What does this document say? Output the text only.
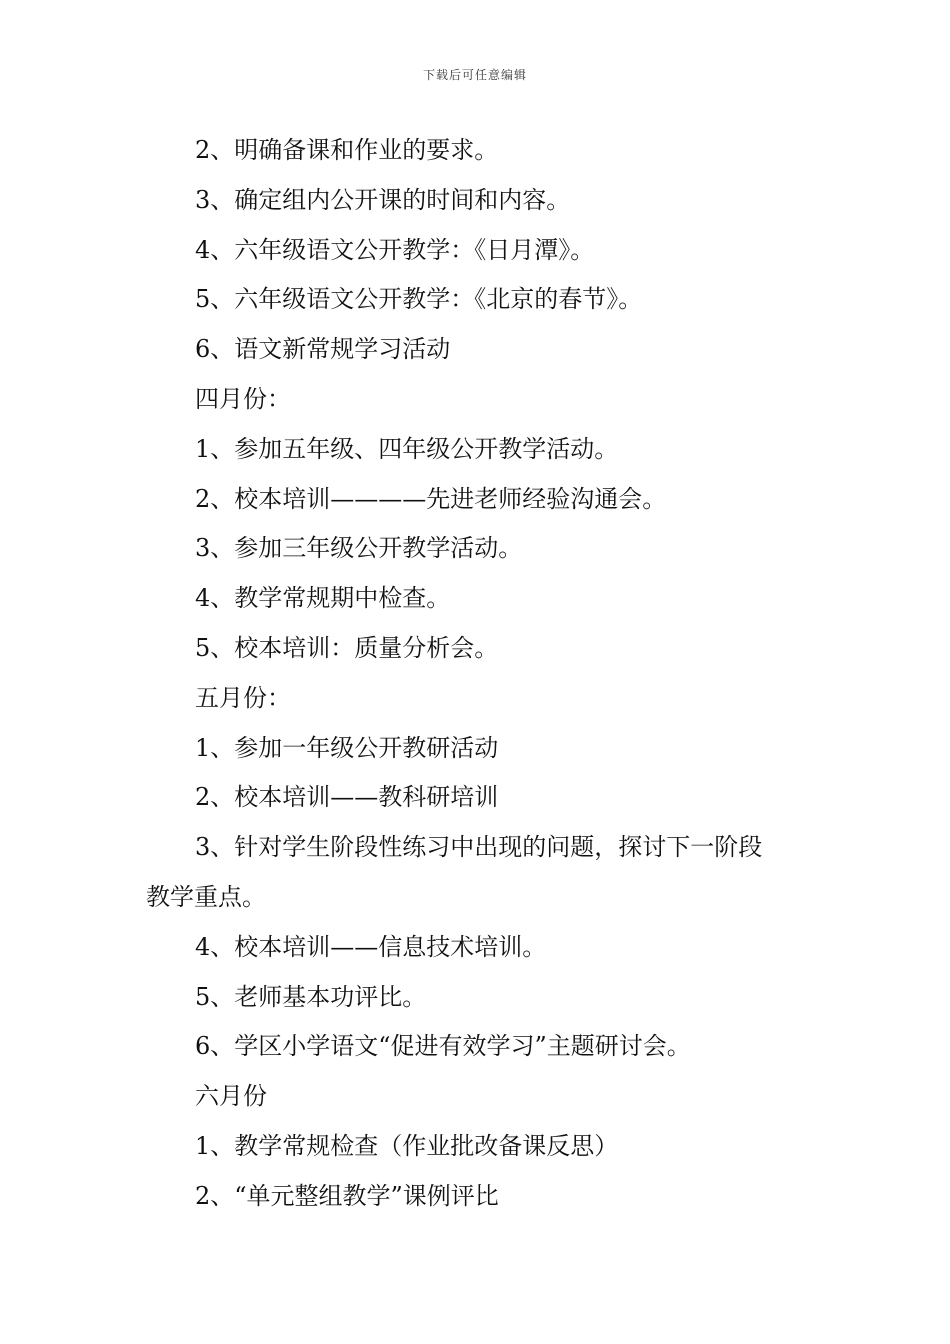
下载后可任意编辑
2、明确备课和作业的要求。
3、确定组内公开课的时间和内容。
4、六年级语文公开教学：《日月潭》。
5、六年级语文公开教学：《北京的春节》。
6、语文新常规学习活动
四月份：
1、参加五年级、四年级公开教学活动。
2、校本培训————先进老师经验沟通会。
3、参加三年级公开教学活动。
4、教学常规期中检查。
5、校本培训：质量分析会。
五月份：
1、参加一年级公开教研活动
2、校本培训——教科研培训
3、针对学生阶段性练习中出现的问题，探讨下一阶段
教学重点。
4、校本培训——信息技术培训。
5、老师基本功评比。
6、学区小学语文“促进有效学习”主题研讨会。
六月份
1、教学常规检查（作业批改备课反思）
2、“单元整组教学”课例评比
